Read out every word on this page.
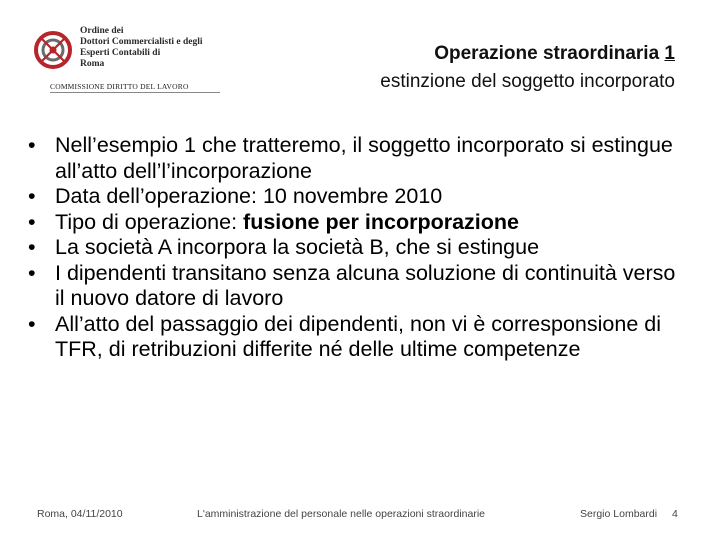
Ordine dei
Dottori Commercialisti e degli
Esperti Contabili di
Roma
COMMISSIONE DIRITTO DEL LAVORO
Operazione straordinaria 1
estinzione del soggetto incorporato
• Nell’esempio 1 che tratteremo, il soggetto incorporato si estingue all’atto dell’l’incorporazione
• Data dell’operazione: 10 novembre 2010
• Tipo di operazione: fusione per incorporazione
• La società A incorpora la società B, che si estingue
• I dipendenti transitano senza alcuna soluzione di continuità verso il nuovo datore di lavoro
• All’atto del passaggio dei dipendenti, non vi è corresponsione di TFR, di retribuzioni differite né delle ultime competenze
Roma, 04/11/2010	L'amministrazione del personale nelle operazioni straordinarie	Sergio Lombardi 4
